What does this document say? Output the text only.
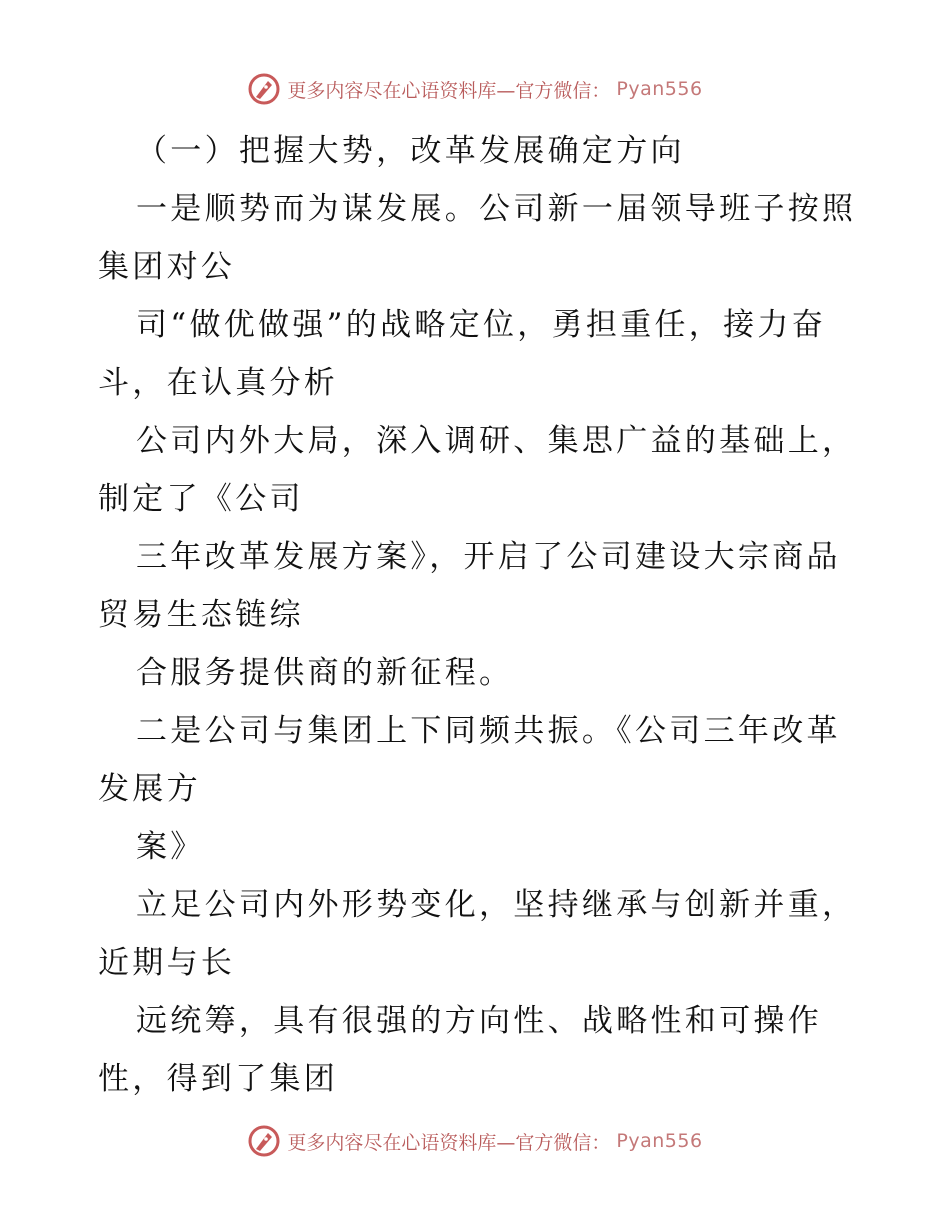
更多内容尽在心语资料库—官方微信： Pyan556
（一）把握大势，改革发展确定方向
一是顺势而为谋发展。公司新一届领导班子按照
集团对公
司“做优做强”的战略定位，勇担重任，接力奋
斗，在认真分析
公司内外大局，深入调研、集思广益的基础上，
制定了《公司
三年改革发展方案》，开启了公司建设大宗商品
贸易生态链综
合服务提供商的新征程。
二是公司与集团上下同频共振。《公司三年改革
发展方
案》
立足公司内外形势变化，坚持继承与创新并重，
近期与长
远统筹，具有很强的方向性、战略性和可操作
性，得到了集团
更多内容尽在心语资料库—官方微信： Pyan556
